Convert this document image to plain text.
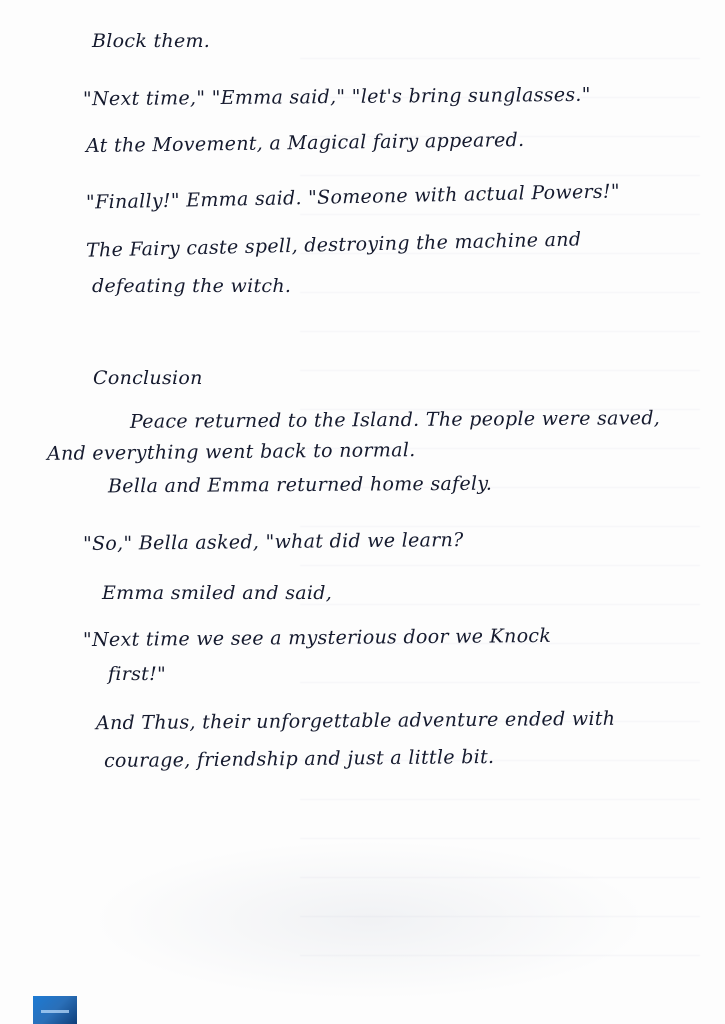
Block them.
"Next time," "Emma said," "let's bring sunglasses."
At the Movement, a Magical fairy appeared.
"Finally!" Emma said. "Someone with actual Powers!"
The Fairy caste spell, destroying the machine and
defeating the witch.
Conclusion
Peace returned to the Island. The people were saved,
And everything went back to normal.
Bella and Emma returned home safely.
"So," Bella asked, "what did we learn?
Emma smiled and said,
"Next time we see a mysterious door we Knock
first!"
And Thus, their unforgettable adventure ended with
courage, friendship and just a little bit.
